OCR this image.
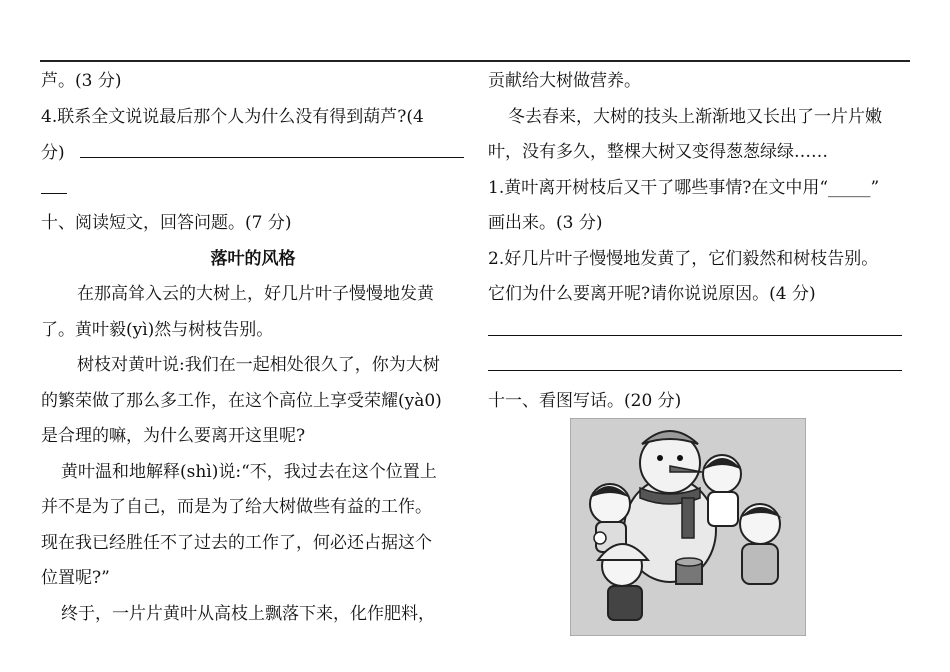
芦。(3 分)
4.联系全文说说最后那个人为什么没有得到葫芦?(4
分)
十、阅读短文，回答问题。(7 分)
落叶的风格
在那高耸入云的大树上，好几片叶子慢慢地发黄
了。黄叶毅(yì)然与树枝告别。
树枝对黄叶说:我们在一起相处很久了，你为大树
的繁荣做了那么多工作，在这个高位上享受荣耀(yà0)
是合理的嘛，为什么要离开这里呢?
黄叶温和地解释(shì)说:“不，我过去在这个位置上
并不是为了自己，而是为了给大树做些有益的工作。
现在我已经胜任不了过去的工作了，何必还占据这个
位置呢?”
终于，一片片黄叶从高枝上飘落下来，化作肥料，
贡献给大树做营养。
冬去春来，大树的技头上渐渐地又长出了一片片嫩
叶，没有多久，整棵大树又变得葱葱绿绿……
1.黄叶离开树枝后又干了哪些事情?在文中用“_____”
画出来。(3 分)
2.好几片叶子慢慢地发黄了，它们毅然和树枝告别。
它们为什么要离开呢?请你说说原因。(4 分)
十一、看图写话。(20 分)
